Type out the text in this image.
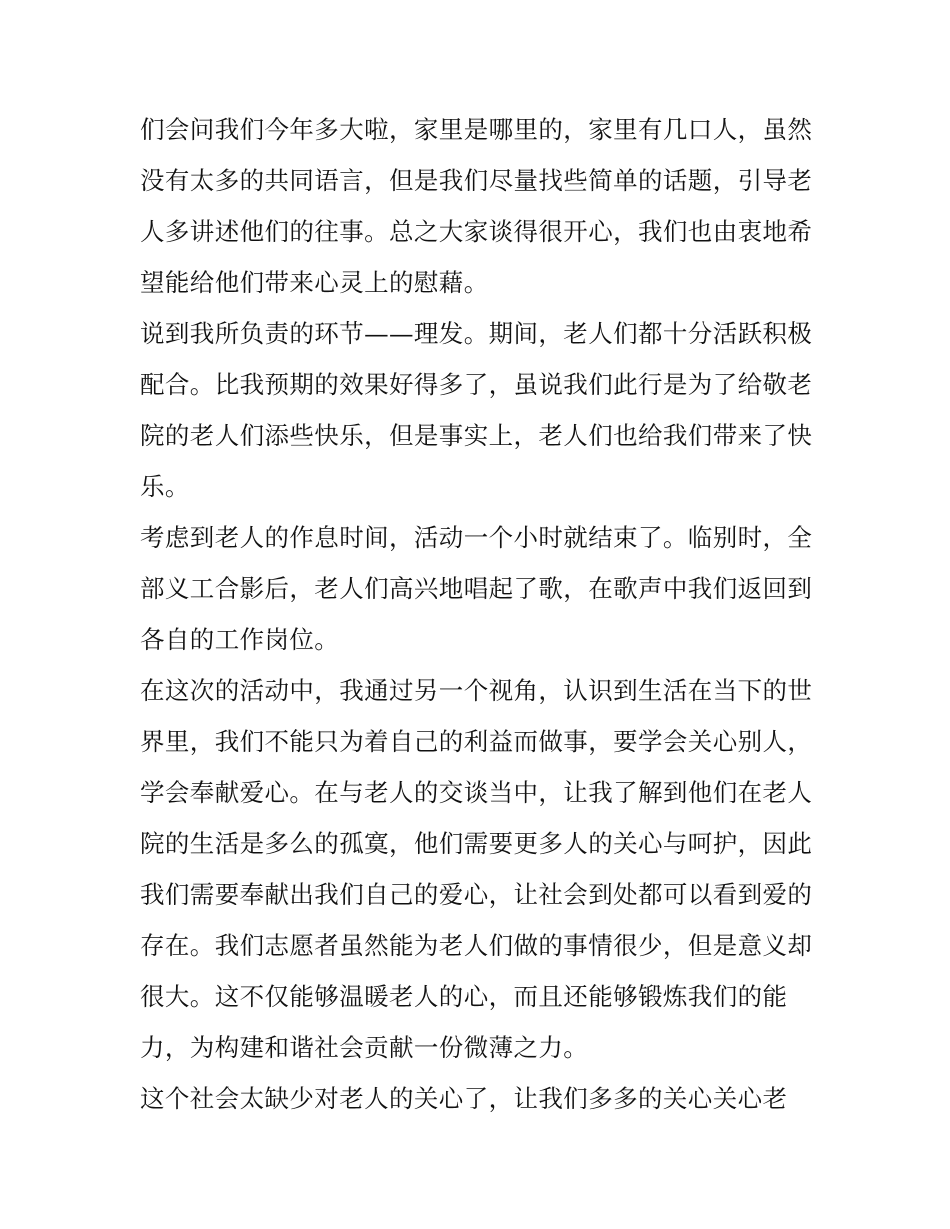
们会问我们今年多大啦，家里是哪里的，家里有几口人，虽然
没有太多的共同语言，但是我们尽量找些简单的话题，引导老
人多讲述他们的往事。总之大家谈得很开心，我们也由衷地希
望能给他们带来心灵上的慰藉。
说到我所负责的环节——理发。期间，老人们都十分活跃积极
配合。比我预期的效果好得多了，虽说我们此行是为了给敬老
院的老人们添些快乐，但是事实上，老人们也给我们带来了快
乐。
考虑到老人的作息时间，活动一个小时就结束了。临别时，全
部义工合影后，老人们高兴地唱起了歌，在歌声中我们返回到
各自的工作岗位。
在这次的活动中，我通过另一个视角，认识到生活在当下的世
界里，我们不能只为着自己的利益而做事，要学会关心别人，
学会奉献爱心。在与老人的交谈当中，让我了解到他们在老人
院的生活是多么的孤寞，他们需要更多人的关心与呵护，因此
我们需要奉献出我们自己的爱心，让社会到处都可以看到爱的
存在。我们志愿者虽然能为老人们做的事情很少，但是意义却
很大。这不仅能够温暖老人的心，而且还能够锻炼我们的能
力，为构建和谐社会贡献一份微薄之力。
这个社会太缺少对老人的关心了，让我们多多的关心关心老
